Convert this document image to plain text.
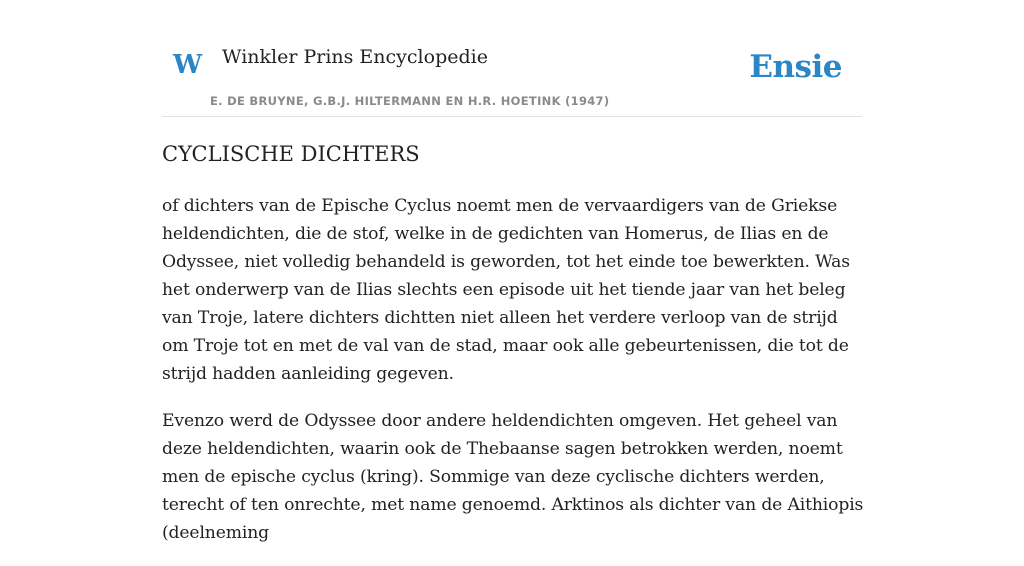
W Winkler Prins Encyclopedie
E. DE BRUYNE, G.B.J. HILTERMANN EN H.R. HOETINK (1947)
Ensie
CYCLISCHE DICHTERS

of dichters van de Epische Cyclus noemt men de vervaardigers van de Griekse heldendichten, die de stof, welke in de gedichten van Homerus, de Ilias en de Odyssee, niet volledig behandeld is geworden, tot het einde toe bewerkten. Was het onderwerp van de Ilias slechts een episode uit het tiende jaar van het beleg van Troje, latere dichters dichtten niet alleen het verdere verloop van de strijd om Troje tot en met de val van de stad, maar ook alle gebeurtenissen, die tot de strijd hadden aanleiding gegeven.

Evenzo werd de Odyssee door andere heldendichten omgeven. Het geheel van deze heldendichten, waarin ook de Thebaanse sagen betrokken werden, noemt men de epische cyclus (kring). Sommige van deze cyclische dichters werden, terecht of ten onrechte, met name genoemd. Arktinos als dichter van de Aithiopis (deelneming
